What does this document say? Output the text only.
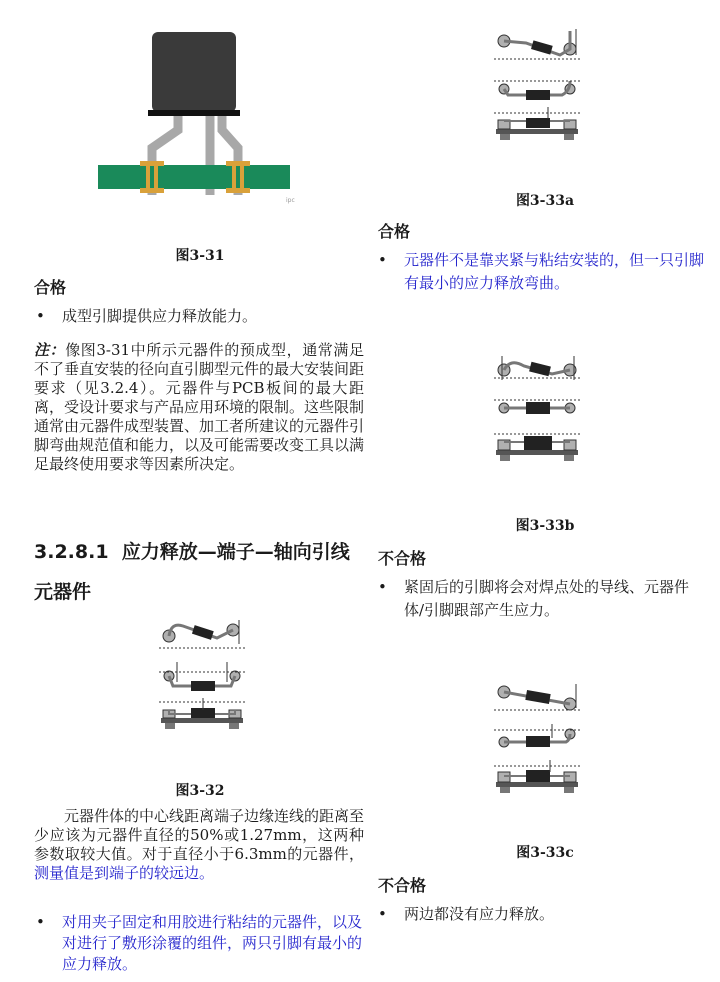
ipc
图3-31
合格
•	成型引脚提供应力释放能力。
注：像图3-31中所示元器件的预成型，通常满足不了垂直安装的径向直引脚型元件的最大安装间距要求（见3.2.4）。元器件与PCB板间的最大距离，受设计要求与产品应用环境的限制。这些限制通常由元器件成型装置、加工者所建议的元器件引脚弯曲规范值和能力，以及可能需要改变工具以满足最终使用要求等因素所决定。
3.2.8.1 应力释放—端子—轴向引线
元器件
图3-32
元器件体的中心线距离端子边缘连线的距离至少应该为元器件直径的50%或1.27mm，这两种参数取较大值。对于直径小于6.3mm的元器件，测量值是到端子的较远边。
•	对用夹子固定和用胶进行粘结的元器件，以及对进行了敷形涂覆的组件，两只引脚有最小的应力释放。
图3-33a
合格
•	元器件不是靠夹紧与粘结安装的，但一只引脚有最小的应力释放弯曲。
图3-33b
不合格
•	紧固后的引脚将会对焊点处的导线、元器件体/引脚跟部产生应力。
图3-33c
不合格
•	两边都没有应力释放。
